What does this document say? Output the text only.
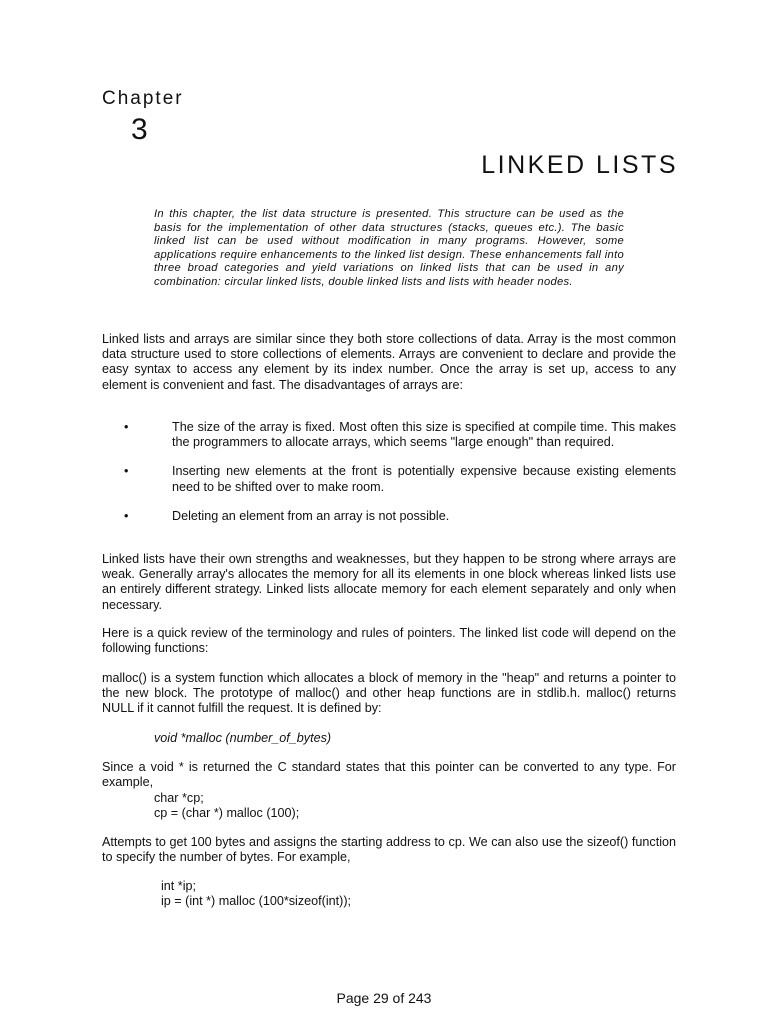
Chapter
3
LINKED LISTS
In this chapter, the list data structure is presented. This structure can be used as the basis for the implementation of other data structures (stacks, queues etc.). The basic linked list can be used without modification in many programs. However, some applications require enhancements to the linked list design. These enhancements fall into three broad categories and yield variations on linked lists that can be used in any combination: circular linked lists, double linked lists and lists with header nodes.
Linked lists and arrays are similar since they both store collections of data. Array is the most common data structure used to store collections of elements. Arrays are convenient to declare and provide the easy syntax to access any element by its index number. Once the array is set up, access to any element is convenient and fast. The disadvantages of arrays are:
•	The size of the array is fixed. Most often this size is specified at compile time. This makes the programmers to allocate arrays, which seems "large enough" than required.
•	Inserting new elements at the front is potentially expensive because existing elements need to be shifted over to make room.
•	Deleting an element from an array is not possible.
Linked lists have their own strengths and weaknesses, but they happen to be strong where arrays are weak. Generally array's allocates the memory for all its elements in one block whereas linked lists use an entirely different strategy. Linked lists allocate memory for each element separately and only when necessary.
Here is a quick review of the terminology and rules of pointers. The linked list code will depend on the following functions:
malloc() is a system function which allocates a block of memory in the "heap" and returns a pointer to the new block. The prototype of malloc() and other heap functions are in stdlib.h. malloc() returns NULL if it cannot fulfill the request. It is defined by:
void *malloc (number_of_bytes)
Since a void * is returned the C standard states that this pointer can be converted to any type. For example,
char *cp;
cp = (char *) malloc (100);
Attempts to get 100 bytes and assigns the starting address to cp. We can also use the sizeof() function to specify the number of bytes. For example,
int *ip;
ip = (int *) malloc (100*sizeof(int));
Page 29 of 243
